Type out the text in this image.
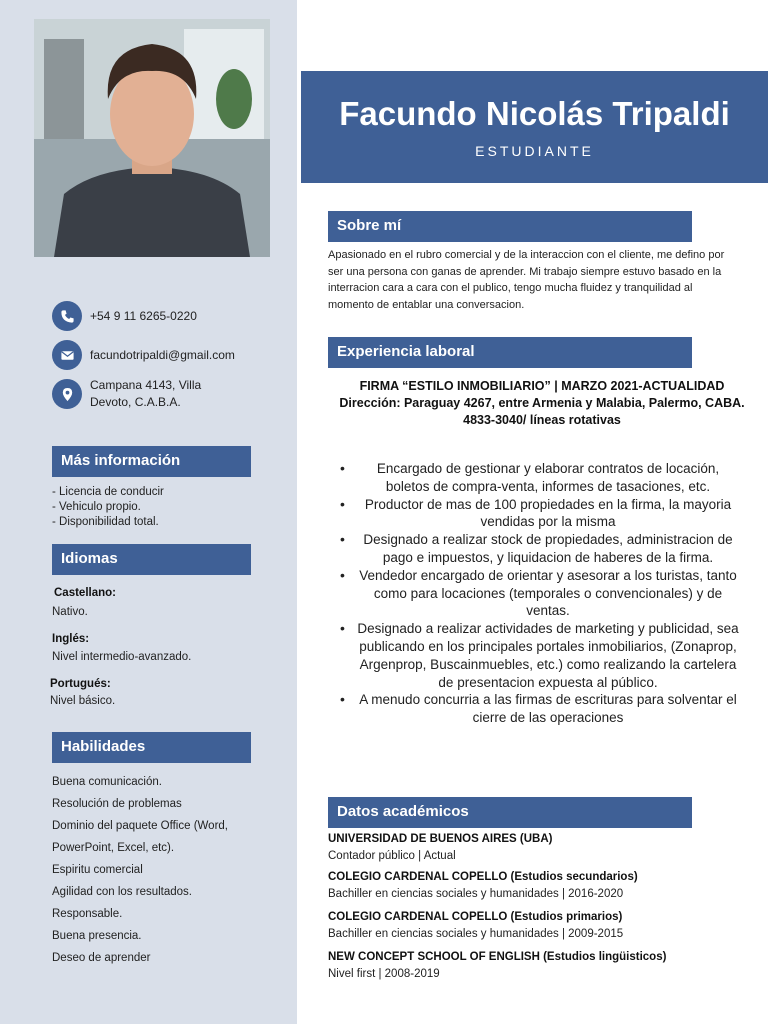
+54 9 11 6265-0220
facundotripaldi@gmail.com
Campana 4143, Villa Devoto, C.A.B.A.
Más información
- Licencia de conducir
- Vehiculo propio.
- Disponibilidad total.
Idiomas
Castellano:
Nativo.
Inglés:
Nivel intermedio-avanzado.
Portugués:
Nivel básico.
Habilidades
Buena comunicación.
Resolución de problemas
Dominio del paquete Office (Word,
PowerPoint, Excel, etc).
Espiritu comercial
Agilidad con los resultados.
Responsable.
Buena presencia.
Deseo de aprender
Facundo Nicolás Tripaldi
ESTUDIANTE
Sobre mí
Apasionado en el rubro comercial y de la interaccion con el cliente, me defino por ser una persona con ganas de aprender. Mi trabajo siempre estuvo basado en la interracion cara a cara con el publico, tengo mucha fluidez y tranquilidad al momento de entablar una conversacion.
Experiencia laboral
FIRMA “ESTILO INMOBILIARIO” | MARZO 2021-ACTUALIDAD
Dirección: Paraguay 4267, entre Armenia y Malabia, Palermo, CABA.
4833-3040/ líneas rotativas
• Encargado de gestionar y elaborar contratos de locación, boletos de compra-venta, informes de tasaciones, etc.
• Productor de mas de 100 propiedades en la firma, la mayoria vendidas por la misma
• Designado a realizar stock de propiedades, administracion de pago e impuestos, y liquidacion de haberes de la firma.
• Vendedor encargado de orientar y asesorar a los turistas, tanto como para locaciones (temporales o convencionales) y de ventas.
• Designado a realizar actividades de marketing y publicidad, sea publicando en los principales portales inmobiliarios, (Zonaprop, Argenprop, Buscainmuebles, etc.) como realizando la cartelera de presentacion expuesta al público.
• A menudo concurria a las firmas de escrituras para solventar el cierre de las operaciones
Datos académicos
UNIVERSIDAD DE BUENOS AIRES (UBA)
Contador público | Actual
COLEGIO CARDENAL COPELLO (Estudios secundarios)
Bachiller en ciencias sociales y humanidades | 2016-2020
COLEGIO CARDENAL COPELLO (Estudios primarios)
Bachiller en ciencias sociales y humanidades | 2009-2015
NEW CONCEPT SCHOOL OF ENGLISH (Estudios lingüisticos)
Nivel first | 2008-2019
